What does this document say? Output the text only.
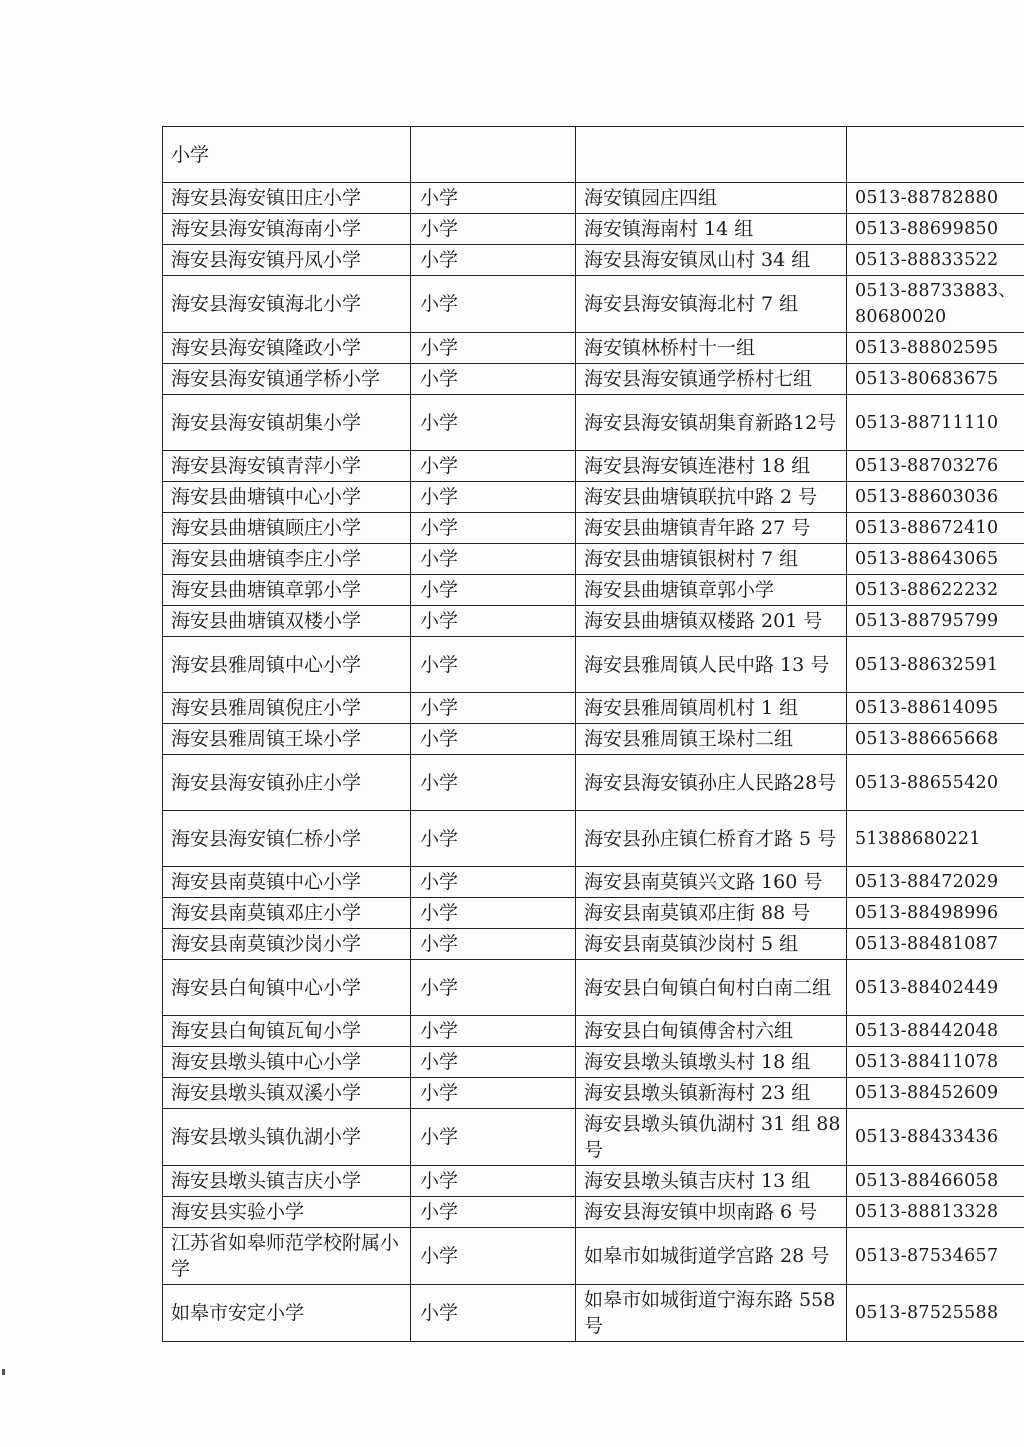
小学			
海安县海安镇田庄小学	小学	海安镇园庄四组	0513-88782880
海安县海安镇海南小学	小学	海安镇海南村 14 组	0513-88699850
海安县海安镇丹凤小学	小学	海安县海安镇凤山村 34 组	0513-88833522
海安县海安镇海北小学	小学	海安县海安镇海北村 7 组	0513-88733883、80680020
海安县海安镇隆政小学	小学	海安镇林桥村十一组	0513-88802595
海安县海安镇通学桥小学	小学	海安县海安镇通学桥村七组	0513-80683675
海安县海安镇胡集小学	小学	海安县海安镇胡集育新路12号	0513-88711110
海安县海安镇青萍小学	小学	海安县海安镇连港村 18 组	0513-88703276
海安县曲塘镇中心小学	小学	海安县曲塘镇联抗中路 2 号	0513-88603036
海安县曲塘镇顾庄小学	小学	海安县曲塘镇青年路 27 号	0513-88672410
海安县曲塘镇李庄小学	小学	海安县曲塘镇银树村 7 组	0513-88643065
海安县曲塘镇章郭小学	小学	海安县曲塘镇章郭小学	0513-88622232
海安县曲塘镇双楼小学	小学	海安县曲塘镇双楼路 201 号	0513-88795799
海安县雅周镇中心小学	小学	海安县雅周镇人民中路 13 号	0513-88632591
海安县雅周镇倪庄小学	小学	海安县雅周镇周机村 1 组	0513-88614095
海安县雅周镇王垛小学	小学	海安县雅周镇王垛村二组	0513-88665668
海安县海安镇孙庄小学	小学	海安县海安镇孙庄人民路28号	0513-88655420
海安县海安镇仁桥小学	小学	海安县孙庄镇仁桥育才路 5 号	51388680221
海安县南莫镇中心小学	小学	海安县南莫镇兴文路 160 号	0513-88472029
海安县南莫镇邓庄小学	小学	海安县南莫镇邓庄街 88 号	0513-88498996
海安县南莫镇沙岗小学	小学	海安县南莫镇沙岗村 5 组	0513-88481087
海安县白甸镇中心小学	小学	海安县白甸镇白甸村白南二组	0513-88402449
海安县白甸镇瓦甸小学	小学	海安县白甸镇傅舍村六组	0513-88442048
海安县墩头镇中心小学	小学	海安县墩头镇墩头村 18 组	0513-88411078
海安县墩头镇双溪小学	小学	海安县墩头镇新海村 23 组	0513-88452609
海安县墩头镇仇湖小学	小学	海安县墩头镇仇湖村 31 组 88 号	0513-88433436
海安县墩头镇吉庆小学	小学	海安县墩头镇吉庆村 13 组	0513-88466058
海安县实验小学	小学	海安县海安镇中坝南路 6 号	0513-88813328
江苏省如皋师范学校附属小学	小学	如皋市如城街道学宫路 28 号	0513-87534657
如皋市安定小学	小学	如皋市如城街道宁海东路 558 号	0513-87525588
